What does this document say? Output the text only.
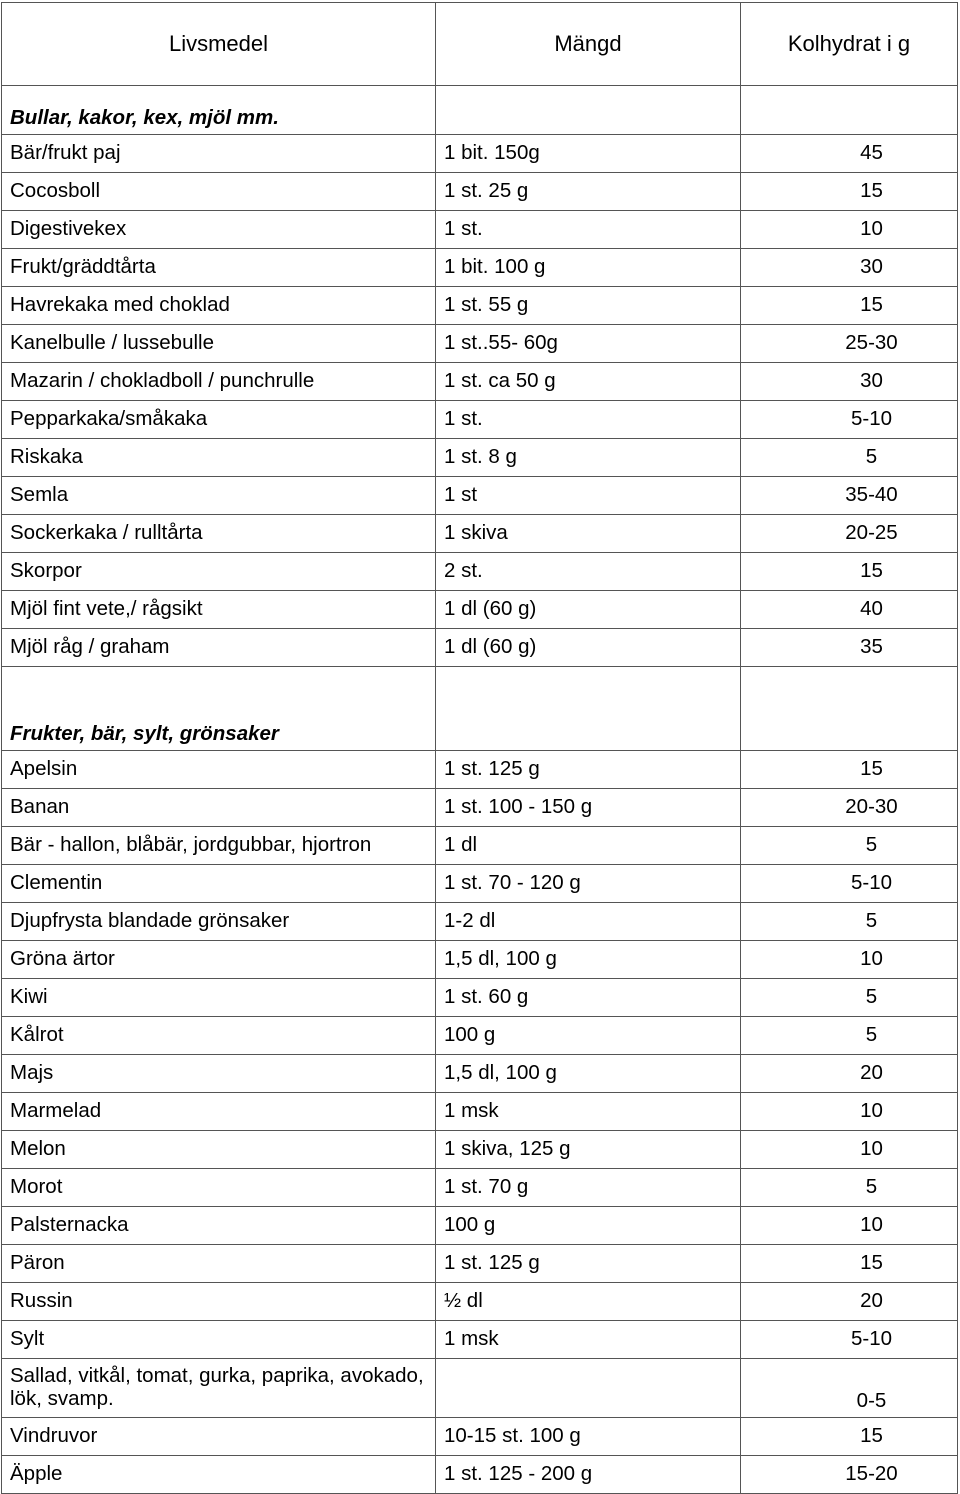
Livsmedel	Mängd	Kolhydrat i g
Bullar, kakor, kex, mjöl mm.		
Bär/frukt paj	1 bit. 150g	45

Cocosboll	1 st. 25 g	15

Digestivekex	1 st.	10

Frukt/gräddtårta	1 bit. 100 g	30

Havrekaka med choklad	1 st. 55 g	15

Kanelbulle / lussebulle	1 st..55- 60g	25-30

Mazarin / chokladboll / punchrulle	1 st. ca 50 g	30

Pepparkaka/småkaka	1 st.	5-10

Riskaka	1 st. 8 g	5

Semla	1 st	35-40

Sockerkaka / rulltårta	1 skiva	20-25

Skorpor	2 st.	15

Mjöl fint vete,/ rågsikt	1 dl (60 g)	40

Mjöl råg / graham	1 dl (60 g)	35

Frukter, bär, sylt, grönsaker		
Apelsin	1 st. 125 g	15

Banan	1 st. 100 - 150 g	20-30

Bär - hallon, blåbär, jordgubbar, hjortron	1 dl	5

Clementin	1 st. 70 - 120 g	5-10

Djupfrysta blandade grönsaker	1-2 dl	5

Gröna ärtor	1,5 dl, 100 g	10

Kiwi	1 st. 60 g	5

Kålrot	100 g	5

Majs	1,5 dl, 100 g	20

Marmelad	1 msk	10

Melon	1 skiva, 125 g	10

Morot	1 st. 70 g	5

Palsternacka	100 g	10

Päron	1 st. 125 g	15

Russin	½ dl	20

Sylt	1 msk	5-10

Sallad, vitkål, tomat, gurka, paprika, avokado, lök, svamp.		0-5

Vindruvor	10-15 st. 100 g	15

Äpple	1 st. 125 - 200 g	15-20
